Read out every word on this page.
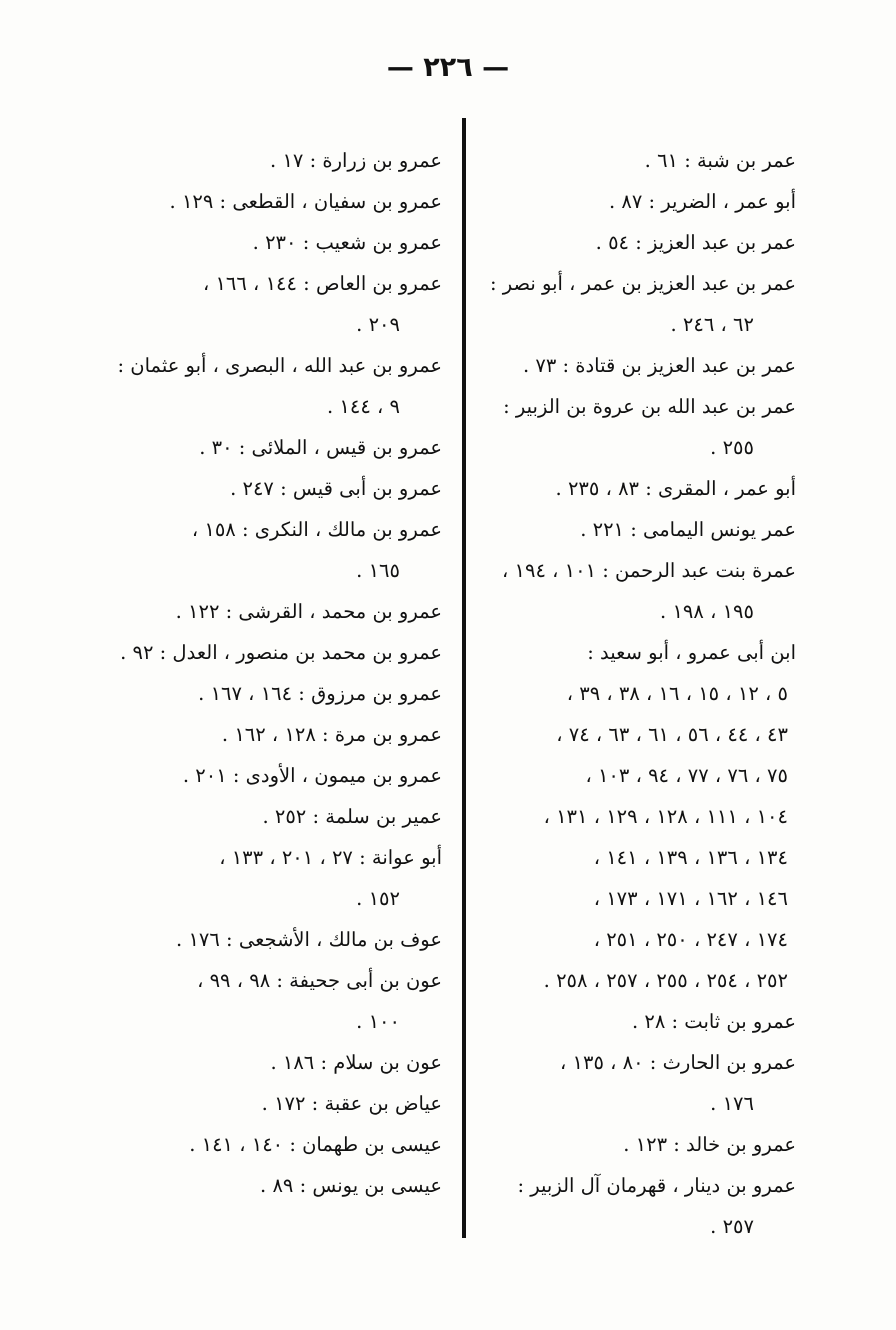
— ٢٢٦ —
عمر بن شبة : ٦١ .
أبو عمر ، الضرير : ٨٧ .
عمر بن عبد العزيز : ٥٤ .
عمر بن عبد العزيز بن عمر ، أبو نصر :
٦٢ ، ٢٤٦ .
عمر بن عبد العزيز بن قتادة : ٧٣ .
عمر بن عبد الله بن عروة بن الزبير :
٢٥٥ .
أبو عمر ، المقرى : ٨٣ ، ٢٣٥ .
عمر يونس اليمامى : ٢٢١ .
عمرة بنت عبد الرحمن : ١٠١ ، ١٩٤ ،
١٩٥ ، ١٩٨ .
ابن أبى عمرو ، أبو سعيد :
٥ ، ١٢ ، ١٥ ، ١٦ ، ٣٨ ، ٣٩ ،
٤٣ ، ٤٤ ، ٥٦ ، ٦١ ، ٦٣ ، ٧٤ ،
٧٥ ، ٧٦ ، ٧٧ ، ٩٤ ، ١٠٣ ،
١٠٤ ، ١١١ ، ١٢٨ ، ١٢٩ ، ١٣١ ،
١٣٤ ، ١٣٦ ، ١٣٩ ، ١٤١ ،
١٤٦ ، ١٦٢ ، ١٧١ ، ١٧٣ ،
١٧٤ ، ٢٤٧ ، ٢٥٠ ، ٢٥١ ،
٢٥٢ ، ٢٥٤ ، ٢٥٥ ، ٢٥٧ ، ٢٥٨ .
عمرو بن ثابت : ٢٨ .
عمرو بن الحارث : ٨٠ ، ١٣٥ ،
١٧٦ .
عمرو بن خالد : ١٢٣ .
عمرو بن دينار ، قهرمان آل الزبير :
٢٥٧ .
عمرو بن زرارة : ١٧ .
عمرو بن سفيان ، القطعى : ١٢٩ .
عمرو بن شعيب : ٢٣٠ .
عمرو بن العاص : ١٤٤ ، ١٦٦ ،
٢٠٩ .
عمرو بن عبد الله ، البصرى ، أبو عثمان :
٩ ، ١٤٤ .
عمرو بن قيس ، الملائى : ٣٠ .
عمرو بن أبى قيس : ٢٤٧ .
عمرو بن مالك ، النكرى : ١٥٨ ،
١٦٥ .
عمرو بن محمد ، القرشى : ١٢٢ .
عمرو بن محمد بن منصور ، العدل : ٩٢ .
عمرو بن مرزوق : ١٦٤ ، ١٦٧ .
عمرو بن مرة : ١٢٨ ، ١٦٢ .
عمرو بن ميمون ، الأودى : ٢٠١ .
عمير بن سلمة : ٢٥٢ .
أبو عوانة : ٢٧ ، ٢٠١ ، ١٣٣ ،
١٥٢ .
عوف بن مالك ، الأشجعى : ١٧٦ .
عون بن أبى جحيفة : ٩٨ ، ٩٩ ،
١٠٠ .
عون بن سلام : ١٨٦ .
عياض بن عقبة : ١٧٢ .
عيسى بن طهمان : ١٤٠ ، ١٤١ .
عيسى بن يونس : ٨٩ .
